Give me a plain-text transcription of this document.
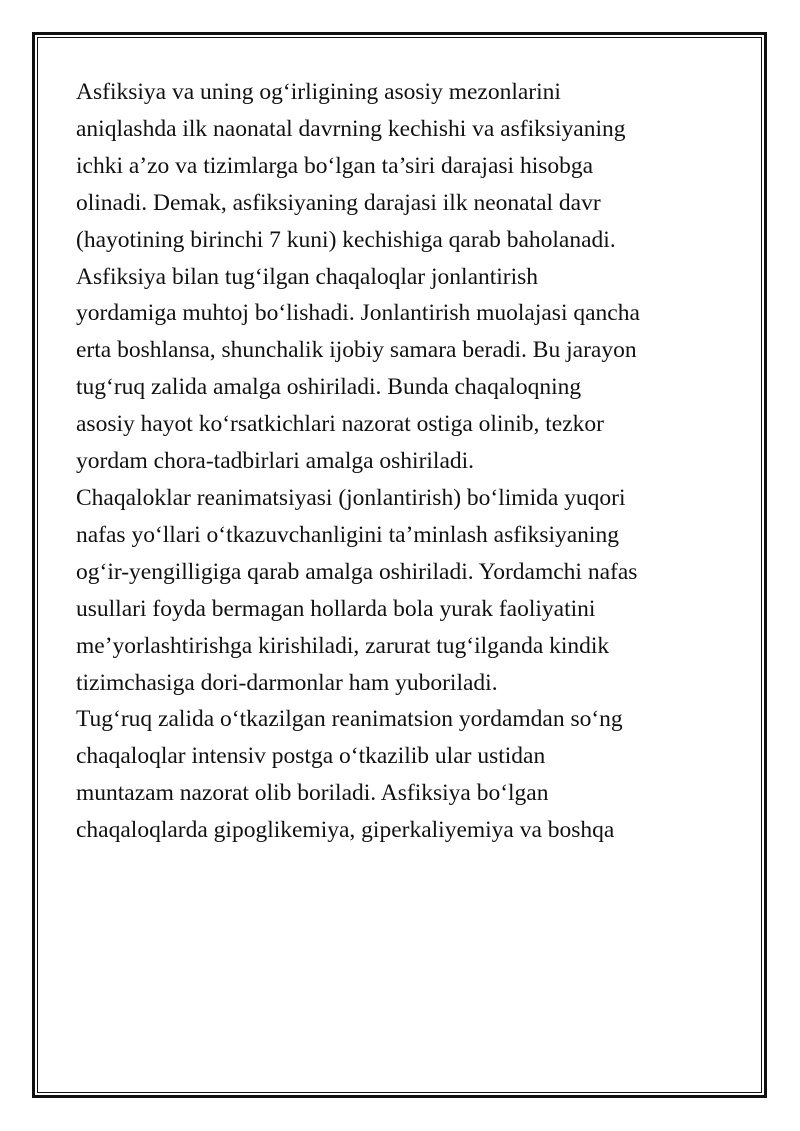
Asfiksiya va uning og‘irligining asosiy mezonlarini
aniqlashda ilk naonatal davrning kechishi va asfiksiyaning
ichki a’zo va tizimlarga bo‘lgan ta’siri darajasi hisobga
olinadi. Demak, asfiksiyaning darajasi ilk neonatal davr
(hayotining birinchi 7 kuni) kechishiga qarab baholanadi.
Asfiksiya bilan tug‘ilgan chaqaloqlar jonlantirish
yordamiga muhtoj bo‘lishadi. Jonlantirish muolajasi qancha
erta boshlansa, shunchalik ijobiy samara beradi. Bu jarayon
tug‘ruq zalida amalga oshiriladi. Bunda chaqaloqning
asosiy hayot ko‘rsatkichlari nazorat ostiga olinib, tezkor
yordam chora-tadbirlari amalga oshiriladi.
Chaqaloklar reanimatsiyasi (jonlantirish) bo‘limida yuqori
nafas yo‘llari o‘tkazuvchanligini ta’minlash asfiksiyaning
og‘ir-yengilligiga qarab amalga oshiriladi. Yordamchi nafas
usullari foyda bermagan hollarda bola yurak faoliyatini
me’yorlashtirishga kirishiladi, zarurat tug‘ilganda kindik
tizimchasiga dori-darmonlar ham yuboriladi.
Tug‘ruq zalida o‘tkazilgan reanimatsion yordamdan so‘ng
chaqaloqlar intensiv postga o‘tkazilib ular ustidan
muntazam nazorat olib boriladi. Asfiksiya bo‘lgan
chaqaloqlarda gipoglikemiya, giperkaliyemiya va boshqa
